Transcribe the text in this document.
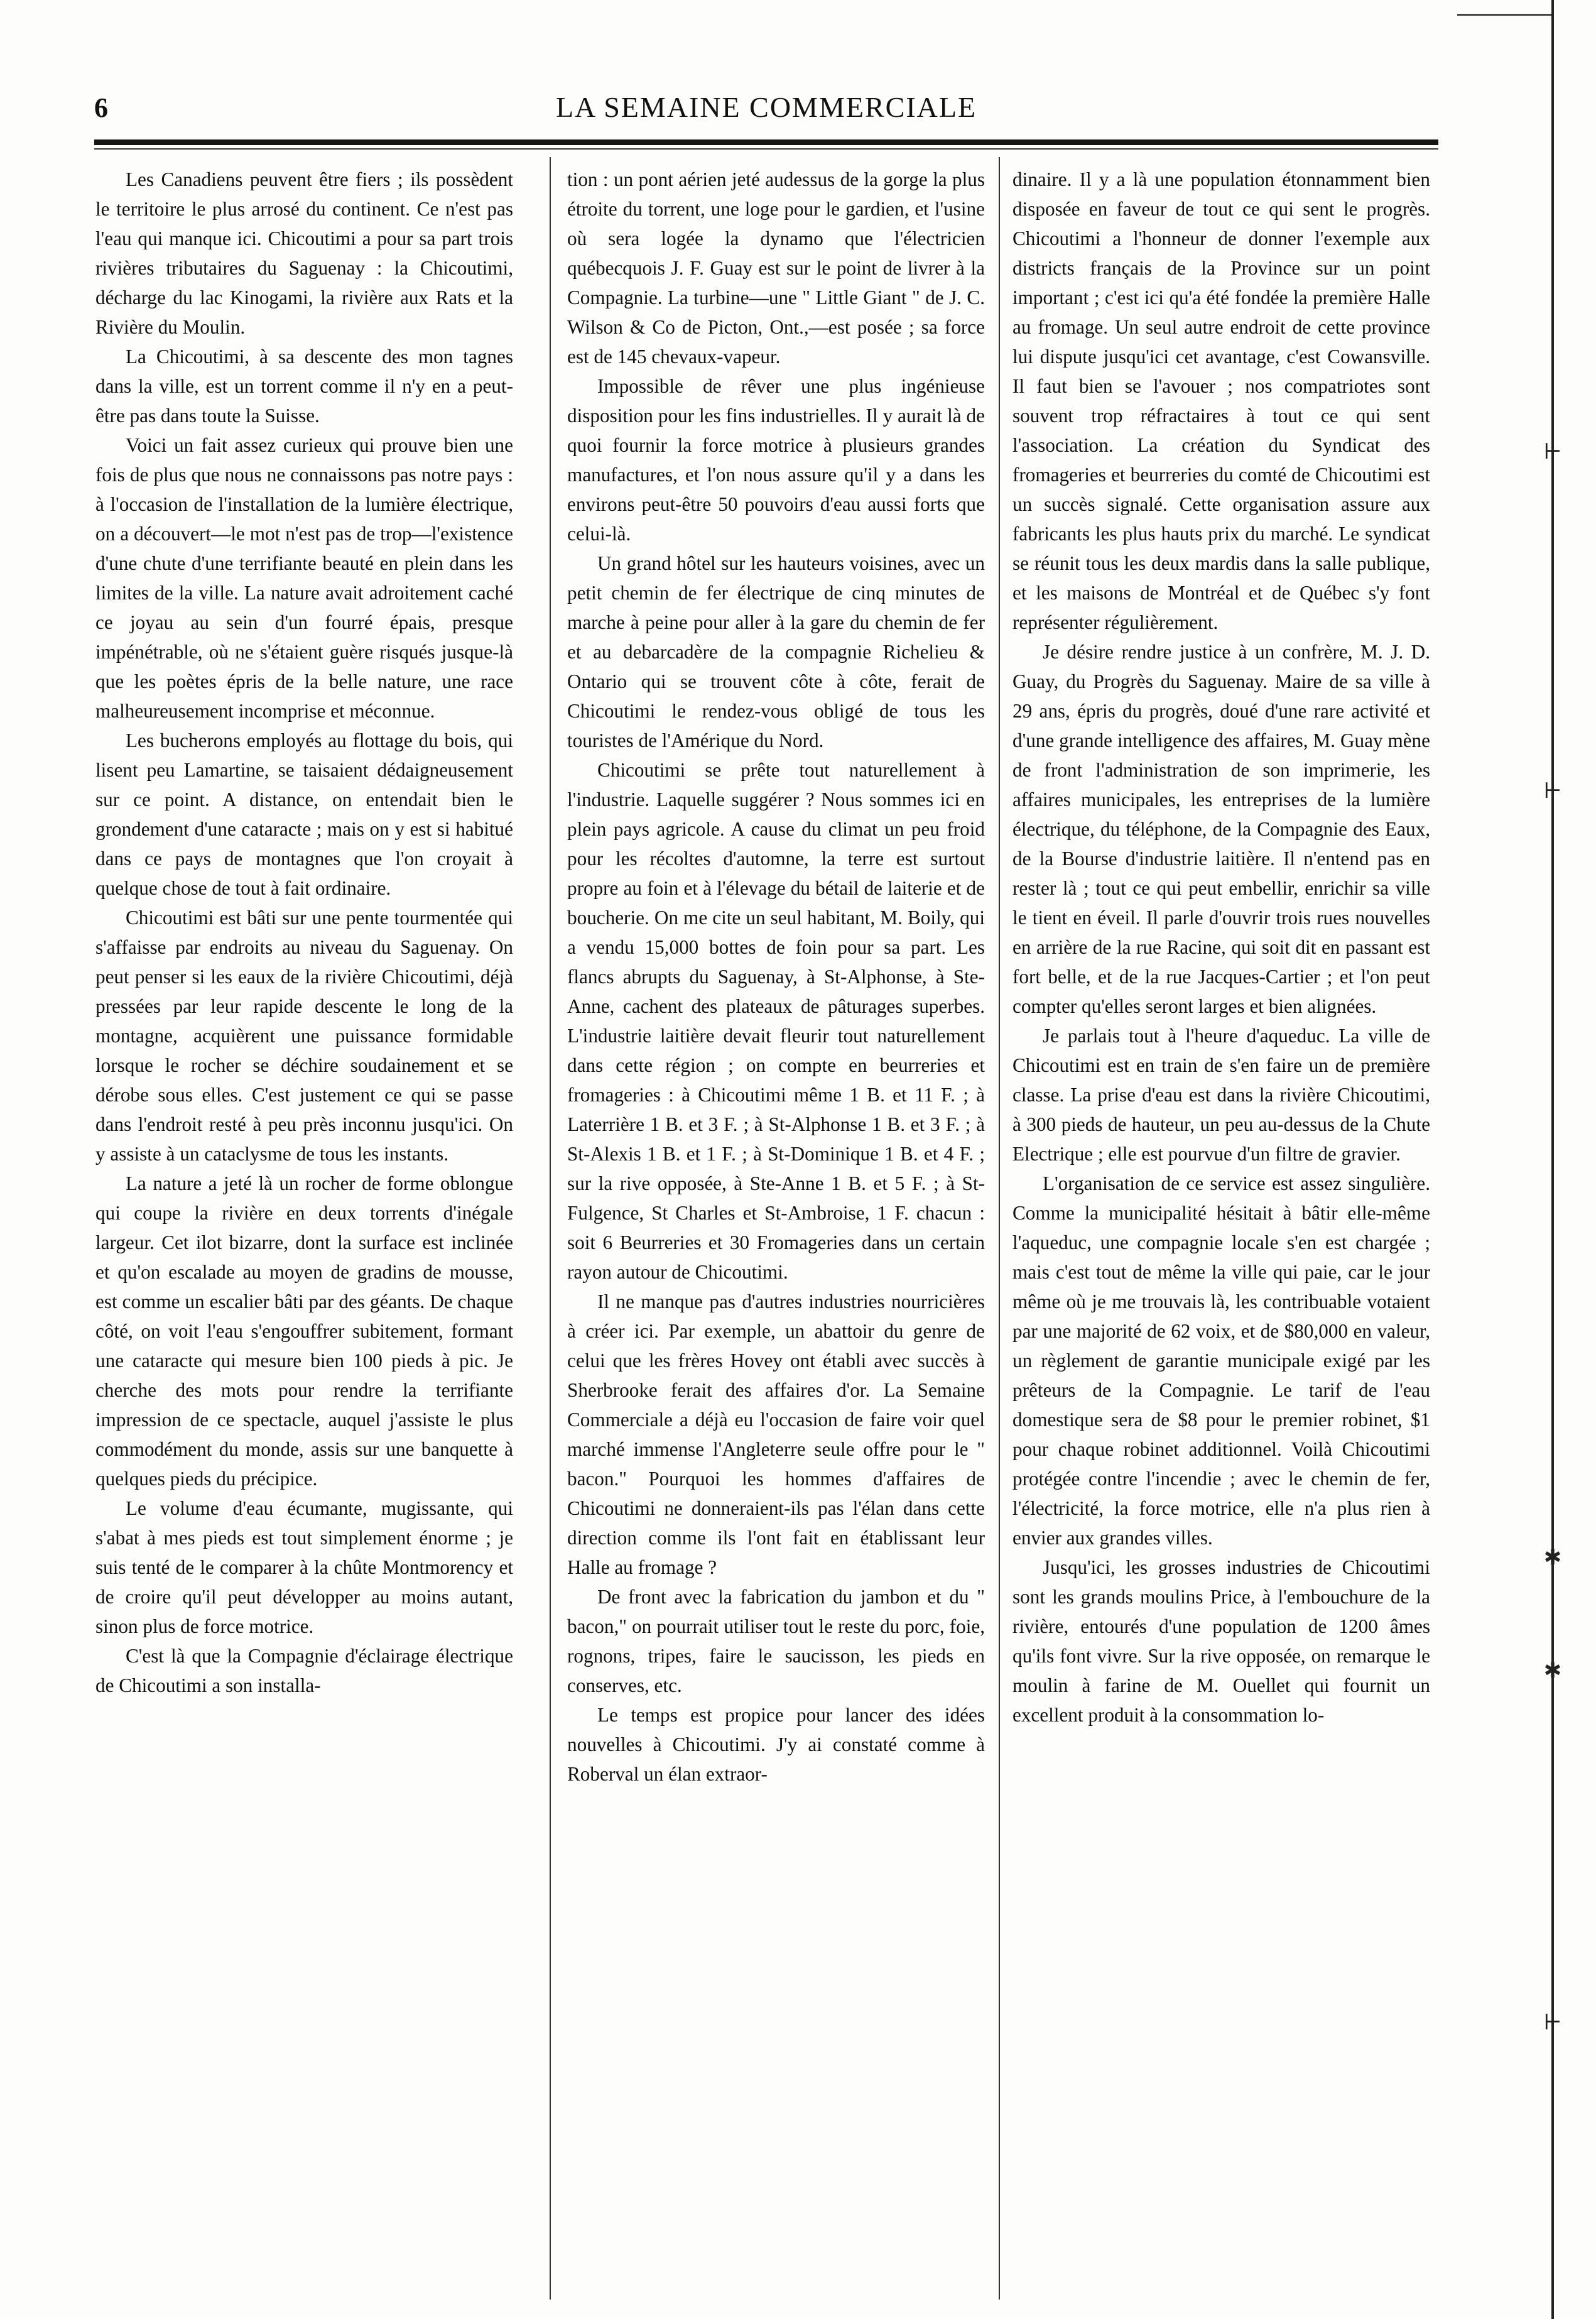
6	LA SEMAINE COMMERCIALE

Les Canadiens peuvent être fiers ; ils possèdent le territoire le plus arrosé du continent. Ce n'est pas l'eau qui manque ici. Chicoutimi a pour sa part trois rivières tributaires du Saguenay : la Chicoutimi, décharge du lac Kinogami, la rivière aux Rats et la Rivière du Moulin.

La Chicoutimi, à sa descente des mon tagnes dans la ville, est un torrent comme il n'y en a peut-être pas dans toute la Suisse.

Voici un fait assez curieux qui prouve bien une fois de plus que nous ne connaissons pas notre pays : à l'occasion de l'installation de la lumière électrique, on a découvert—le mot n'est pas de trop—l'existence d'une chute d'une terrifiante beauté en plein dans les limites de la ville. La nature avait adroitement caché ce joyau au sein d'un fourré épais, presque impénétrable, où ne s'étaient guère risqués jusque-là que les poètes épris de la belle nature, une race malheureusement incomprise et méconnue.

Les bucherons employés au flottage du bois, qui lisent peu Lamartine, se taisaient dédaigneusement sur ce point. A distance, on entendait bien le grondement d'une cataracte ; mais on y est si habitué dans ce pays de montagnes que l'on croyait à quelque chose de tout à fait ordinaire.

Chicoutimi est bâti sur une pente tourmentée qui s'affaisse par endroits au niveau du Saguenay. On peut penser si les eaux de la rivière Chicoutimi, déjà pressées par leur rapide descente le long de la montagne, acquièrent une puissance formidable lorsque le rocher se déchire soudainement et se dérobe sous elles. C'est justement ce qui se passe dans l'endroit resté à peu près inconnu jusqu'ici. On y assiste à un cataclysme de tous les instants.

La nature a jeté là un rocher de forme oblongue qui coupe la rivière en deux torrents d'inégale largeur. Cet ilot bizarre, dont la surface est inclinée et qu'on escalade au moyen de gradins de mousse, est comme un escalier bâti par des géants. De chaque côté, on voit l'eau s'engouffrer subitement, formant une cataracte qui mesure bien 100 pieds à pic. Je cherche des mots pour rendre la terrifiante impression de ce spectacle, auquel j'assiste le plus commodément du monde, assis sur une banquette à quelques pieds du précipice.

Le volume d'eau écumante, mugissante, qui s'abat à mes pieds est tout simplement énorme ; je suis tenté de le comparer à la chûte Montmorency et de croire qu'il peut développer au moins autant, sinon plus de force motrice.

C'est là que la Compagnie d'éclairage électrique de Chicoutimi a son installa-

tion : un pont aérien jeté audessus de la gorge la plus étroite du torrent, une loge pour le gardien, et l'usine où sera logée la dynamo que l'électricien québecquois J. F. Guay est sur le point de livrer à la Compagnie. La turbine—une " Little Giant " de J. C. Wilson & Co de Picton, Ont.,—est posée ; sa force est de 145 chevaux-vapeur.

Impossible de rêver une plus ingénieuse disposition pour les fins industrielles. Il y aurait là de quoi fournir la force motrice à plusieurs grandes manufactures, et l'on nous assure qu'il y a dans les environs peut-être 50 pouvoirs d'eau aussi forts que celui-là.

Un grand hôtel sur les hauteurs voisines, avec un petit chemin de fer électrique de cinq minutes de marche à peine pour aller à la gare du chemin de fer et au debarcadère de la compagnie Richelieu & Ontario qui se trouvent côte à côte, ferait de Chicoutimi le rendez-vous obligé de tous les touristes de l'Amérique du Nord.

Chicoutimi se prête tout naturellement à l'industrie. Laquelle suggérer ? Nous sommes ici en plein pays agricole. A cause du climat un peu froid pour les récoltes d'automne, la terre est surtout propre au foin et à l'élevage du bétail de laiterie et de boucherie. On me cite un seul habitant, M. Boily, qui a vendu 15,000 bottes de foin pour sa part. Les flancs abrupts du Saguenay, à St-Alphonse, à Ste-Anne, cachent des plateaux de pâturages superbes. L'industrie laitière devait fleurir tout naturellement dans cette région ; on compte en beurreries et fromageries : à Chicoutimi même 1 B. et 11 F. ; à Laterrière 1 B. et 3 F. ; à St-Alphonse 1 B. et 3 F. ; à St-Alexis 1 B. et 1 F. ; à St-Dominique 1 B. et 4 F. ; sur la rive opposée, à Ste-Anne 1 B. et 5 F. ; à St-Fulgence, St Charles et St-Ambroise, 1 F. chacun : soit 6 Beurreries et 30 Fromageries dans un certain rayon autour de Chicoutimi.

Il ne manque pas d'autres industries nourricières à créer ici. Par exemple, un abattoir du genre de celui que les frères Hovey ont établi avec succès à Sherbrooke ferait des affaires d'or. La Semaine Commerciale a déjà eu l'occasion de faire voir quel marché immense l'Angleterre seule offre pour le " bacon." Pourquoi les hommes d'affaires de Chicoutimi ne donneraient-ils pas l'élan dans cette direction comme ils l'ont fait en établissant leur Halle au fromage ?

De front avec la fabrication du jambon et du " bacon," on pourrait utiliser tout le reste du porc, foie, rognons, tripes, faire le saucisson, les pieds en conserves, etc.

Le temps est propice pour lancer des idées nouvelles à Chicoutimi. J'y ai constaté comme à Roberval un élan extraor-

dinaire. Il y a là une population étonnamment bien disposée en faveur de tout ce qui sent le progrès. Chicoutimi a l'honneur de donner l'exemple aux districts français de la Province sur un point important ; c'est ici qu'a été fondée la première Halle au fromage. Un seul autre endroit de cette province lui dispute jusqu'ici cet avantage, c'est Cowansville. Il faut bien se l'avouer ; nos compatriotes sont souvent trop réfractaires à tout ce qui sent l'association. La création du Syndicat des fromageries et beurreries du comté de Chicoutimi est un succès signalé. Cette organisation assure aux fabricants les plus hauts prix du marché. Le syndicat se réunit tous les deux mardis dans la salle publique, et les maisons de Montréal et de Québec s'y font représenter régulièrement.

Je désire rendre justice à un confrère, M. J. D. Guay, du Progrès du Saguenay. Maire de sa ville à 29 ans, épris du progrès, doué d'une rare activité et d'une grande intelligence des affaires, M. Guay mène de front l'administration de son imprimerie, les affaires municipales, les entreprises de la lumière électrique, du téléphone, de la Compagnie des Eaux, de la Bourse d'industrie laitière. Il n'entend pas en rester là ; tout ce qui peut embellir, enrichir sa ville le tient en éveil. Il parle d'ouvrir trois rues nouvelles en arrière de la rue Racine, qui soit dit en passant est fort belle, et de la rue Jacques-Cartier ; et l'on peut compter qu'elles seront larges et bien alignées.

Je parlais tout à l'heure d'aqueduc. La ville de Chicoutimi est en train de s'en faire un de première classe. La prise d'eau est dans la rivière Chicoutimi, à 300 pieds de hauteur, un peu au-dessus de la Chute Electrique ; elle est pourvue d'un filtre de gravier.

L'organisation de ce service est assez singulière. Comme la municipalité hésitait à bâtir elle-même l'aqueduc, une compagnie locale s'en est chargée ; mais c'est tout de même la ville qui paie, car le jour même où je me trouvais là, les contribuable votaient par une majorité de 62 voix, et de $80,000 en valeur, un règlement de garantie municipale exigé par les prêteurs de la Compagnie. Le tarif de l'eau domestique sera de $8 pour le premier robinet, $1 pour chaque robinet additionnel. Voilà Chicoutimi protégée contre l'incendie ; avec le chemin de fer, l'électricité, la force motrice, elle n'a plus rien à envier aux grandes villes.

Jusqu'ici, les grosses industries de Chicoutimi sont les grands moulins Price, à l'embouchure de la rivière, entourés d'une population de 1200 âmes qu'ils font vivre. Sur la rive opposée, on remarque le moulin à farine de M. Ouellet qui fournit un excellent produit à la consommation lo-

⊢
⊢
✱
✱
⊢
